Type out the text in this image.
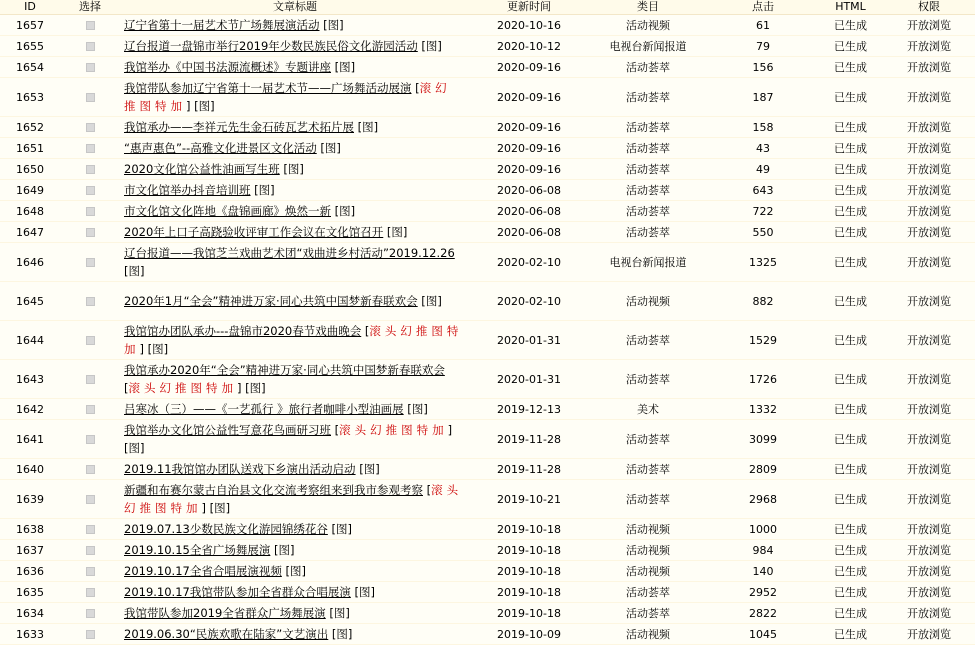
ID	选择	文章标题	更新时间	类目	点击	HTML	权限
1657		辽宁省第十一届艺术节广场舞展演活动 [图]	2020-10-16	活动视频	61	已生成	开放浏览
1655		辽台报道一盘锦市举行2019年少数民族民俗文化游园活动 [图]	2020-10-12	电视台新闻报道	79	已生成	开放浏览
1654		我馆举办《中国书法源流概述》专题讲座 [图]	2020-09-16	活动荟萃	156	已生成	开放浏览
1653		我馆带队参加辽宁省第十一届艺术节——广场舞活动展演 [滚幻推图特加] [图]	2020-09-16	活动荟萃	187	已生成	开放浏览
1652		我馆承办——李祥元先生金石砖瓦艺术拓片展 [图]	2020-09-16	活动荟萃	158	已生成	开放浏览
1651		“惠声惠色”--高雅文化进景区文化活动 [图]	2020-09-16	活动荟萃	43	已生成	开放浏览
1650		2020文化馆公益性油画写生班 [图]	2020-09-16	活动荟萃	49	已生成	开放浏览
1649		市文化馆举办抖音培训班 [图]	2020-06-08	活动荟萃	643	已生成	开放浏览
1648		市文化馆文化阵地《盘锦画廊》焕然一新 [图]	2020-06-08	活动荟萃	722	已生成	开放浏览
1647		2020年上口子高跷验收评审工作会议在文化馆召开 [图]	2020-06-08	活动荟萃	550	已生成	开放浏览
1646		辽台报道——我馆芝兰戏曲艺术团“戏曲进乡村活动”2019.12.26 [图]	2020-02-10	电视台新闻报道	1325	已生成	开放浏览
1645		2020年1月“全会”精神进万家·同心共筑中国梦新春联欢会 [图]	2020-02-10	活动视频	882	已生成	开放浏览
1644		我馆馆办团队承办---盘锦市2020春节戏曲晚会 [滚头幻推图特加] [图]	2020-01-31	活动荟萃	1529	已生成	开放浏览
1643		我馆承办2020年“全会”精神进万家·同心共筑中国梦新春联欢会 [滚头幻推图特加] [图]	2020-01-31	活动荟萃	1726	已生成	开放浏览
1642		吕寒冰（三）——《一艺孤行 》旅行者咖啡小型油画展 [图]	2019-12-13	美术	1332	已生成	开放浏览
1641		我馆举办文化馆公益性写意花鸟画研习班 [滚头幻推图特加] [图]	2019-11-28	活动荟萃	3099	已生成	开放浏览
1640		2019.11我馆馆办团队送戏下乡演出活动启动 [图]	2019-11-28	活动荟萃	2809	已生成	开放浏览
1639		新疆和布赛尔蒙古自治县文化交流考察组来到我市参观考察 [滚头幻推图特加] [图]	2019-10-21	活动荟萃	2968	已生成	开放浏览
1638		2019.07.13少数民族文化游园锦绣花谷 [图]	2019-10-18	活动视频	1000	已生成	开放浏览
1637		2019.10.15全省广场舞展演 [图]	2019-10-18	活动视频	984	已生成	开放浏览
1636		2019.10.17全省合唱展演视频 [图]	2019-10-18	活动视频	140	已生成	开放浏览
1635		2019.10.17我馆带队参加全省群众合唱展演 [图]	2019-10-18	活动荟萃	2952	已生成	开放浏览
1634		我馆带队参加2019全省群众广场舞展演 [图]	2019-10-18	活动荟萃	2822	已生成	开放浏览
1633		2019.06.30“民族欢歌在陆家”文艺演出 [图]	2019-10-09	活动视频	1045	已生成	开放浏览
